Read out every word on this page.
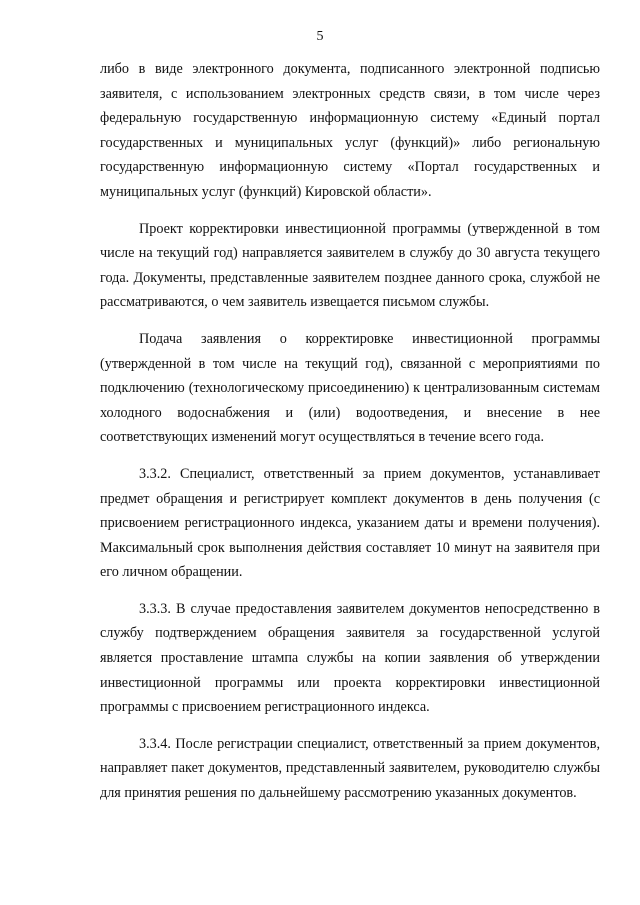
5

либо в виде электронного документа, подписанного электронной подписью заявителя, с использованием электронных средств связи, в том числе через федеральную государственную информационную систему «Единый портал государственных и муниципальных услуг (функций)» либо региональную государственную информационную систему «Портал государственных и муниципальных услуг (функций) Кировской области».

Проект корректировки инвестиционной программы (утвержденной в том числе на текущий год) направляется заявителем в службу до 30 августа текущего года. Документы, представленные заявителем позднее данного срока, службой не рассматриваются, о чем заявитель извещается письмом службы.

Подача заявления о корректировке инвестиционной программы (утвержденной в том числе на текущий год), связанной с мероприятиями по подключению (технологическому присоединению) к централизованным системам холодного водоснабжения и (или) водоотведения, и внесение в нее соответствующих изменений могут осуществляться в течение всего года.

3.3.2. Специалист, ответственный за прием документов, устанавливает предмет обращения и регистрирует комплект документов в день получения (с присвоением регистрационного индекса, указанием даты и времени получения). Максимальный срок выполнения действия составляет 10 минут на заявителя при его личном обращении.

3.3.3. В случае предоставления заявителем документов непосредственно в службу подтверждением обращения заявителя за государственной услугой является проставление штампа службы на копии заявления об утверждении инвестиционной программы или проекта корректировки инвестиционной программы с присвоением регистрационного индекса.

3.3.4. После регистрации специалист, ответственный за прием документов, направляет пакет документов, представленный заявителем, руководителю службы для принятия решения по дальнейшему рассмотрению указанных документов.
